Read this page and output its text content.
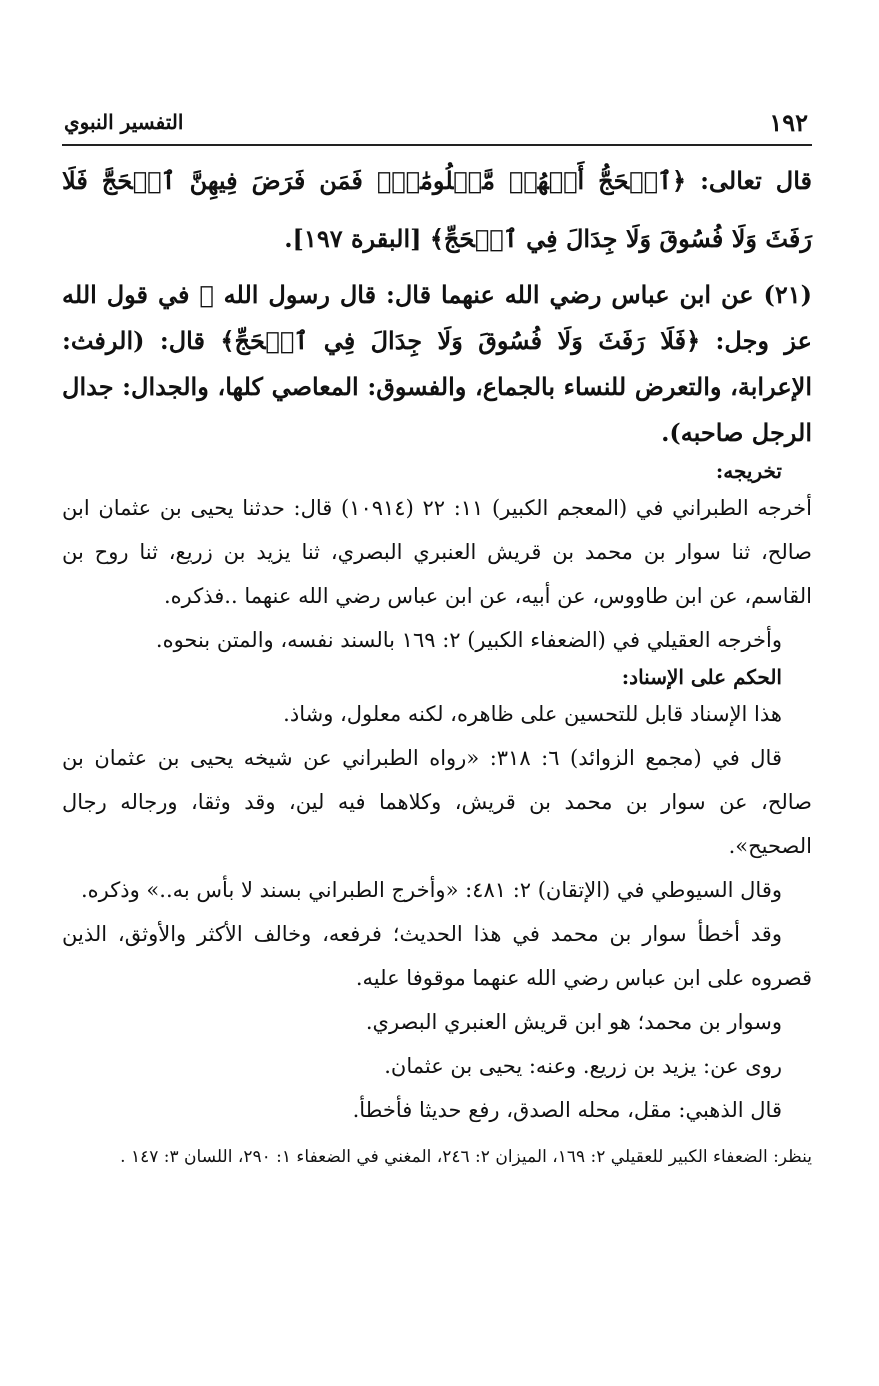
١٩٢
التفسير النبوي

قال تعالى: ﴿ٱلۡحَجُّ أَشۡهُرٞ مَّعۡلُومَٰتٞۚ فَمَن فَرَضَ فِيهِنَّ ٱلۡحَجَّ فَلَا رَفَثَ وَلَا فُسُوقَ وَلَا جِدَالَ فِي ٱلۡحَجِّ﴾ [البقرة ١٩٧].

(٢١) عن ابن عباس رضي الله عنهما قال: قال رسول الله ﷺ في قول الله عز وجل: ﴿فَلَا رَفَثَ وَلَا فُسُوقَ وَلَا جِدَالَ فِي ٱلۡحَجِّ﴾ قال: (الرفث: الإعرابة، والتعرض للنساء بالجماع، والفسوق: المعاصي كلها، والجدال: جدال الرجل صاحبه).

تخريجه:

أخرجه الطبراني في (المعجم الكبير) ١١: ٢٢ (١٠٩١٤) قال: حدثنا يحيى بن عثمان ابن صالح، ثنا سوار بن محمد بن قريش العنبري البصري، ثنا يزيد بن زريع، ثنا روح بن القاسم، عن ابن طاووس، عن أبيه، عن ابن عباس رضي الله عنهما ..فذكره.

وأخرجه العقيلي في (الضعفاء الكبير) ٢: ١٦٩ بالسند نفسه، والمتن بنحوه.

الحكم على الإسناد:

هذا الإسناد قابل للتحسين على ظاهره، لكنه معلول، وشاذ.

قال في (مجمع الزوائد) ٦: ٣١٨: «رواه الطبراني عن شيخه يحيى بن عثمان بن صالح، عن سوار بن محمد بن قريش، وكلاهما فيه لين، وقد وثقا، ورجاله رجال الصحيح».

وقال السيوطي في (الإتقان) ٢: ٤٨١: «وأخرج الطبراني بسند لا بأس به..» وذكره.

وقد أخطأ سوار بن محمد في هذا الحديث؛ فرفعه، وخالف الأكثر والأوثق، الذين قصروه على ابن عباس رضي الله عنهما موقوفا عليه.

وسوار بن محمد؛ هو ابن قريش العنبري البصري.

روى عن: يزيد بن زريع. وعنه: يحيى بن عثمان.

قال الذهبي: مقل، محله الصدق، رفع حديثا فأخطأ.

ينظر: الضعفاء الكبير للعقيلي ٢: ١٦٩، الميزان ٢: ٢٤٦، المغني في الضعفاء ١: ٢٩٠، اللسان ٣: ١٤٧ .
